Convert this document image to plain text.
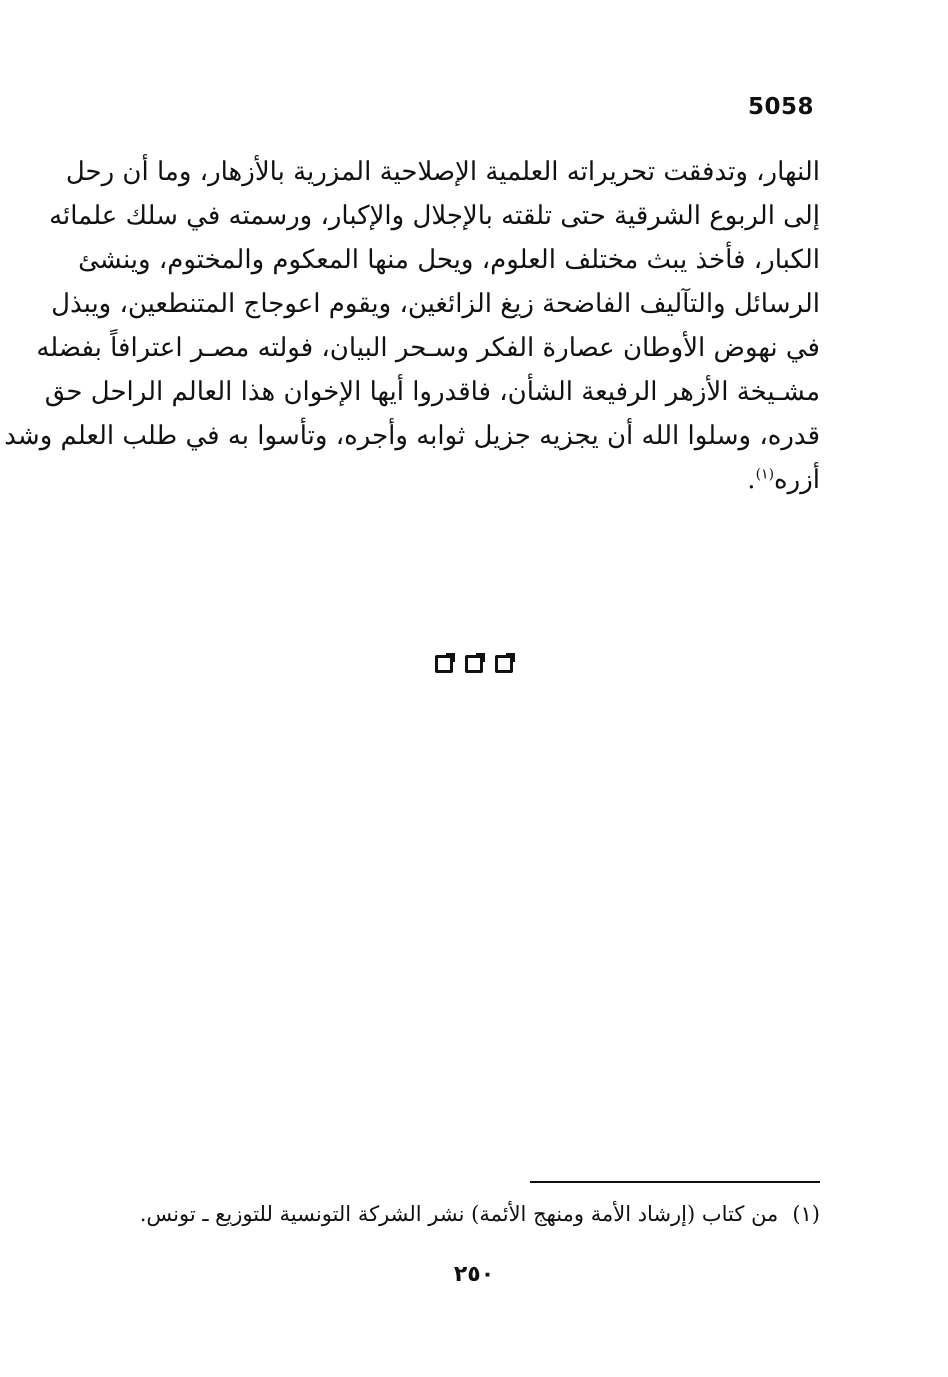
5058
النهار، وتدفقت تحريراته العلمية الإصلاحية المزرية بالأزهار، وما أن رحل
إلى الربوع الشرقية حتى تلقته بالإجلال والإكبار، ورسمته في سلك علمائه
الكبار، فأخذ يبث مختلف العلوم، ويحل منها المعكوم والمختوم، وينشئ
الرسائل والتآليف الفاضحة زيغ الزائغين، ويقوم اعوجاج المتنطعين، ويبذل
في نهوض الأوطان عصارة الفكر وسـحر البيان، فولته مصـر اعترافاً بفضله
مشـيخة الأزهر الرفيعة الشأن، فاقدروا أيها الإخوان هذا العالم الراحل حق
قدره، وسلوا الله أن يجزيه جزيل ثوابه وأجره، وتأسوا به في طلب العلم وشد
أزره$^{(١)}$.
(١)من كتاب (إرشاد الأمة ومنهج الأئمة) نشر الشركة التونسية للتوزيع ـ تونس.
٢٥٠
